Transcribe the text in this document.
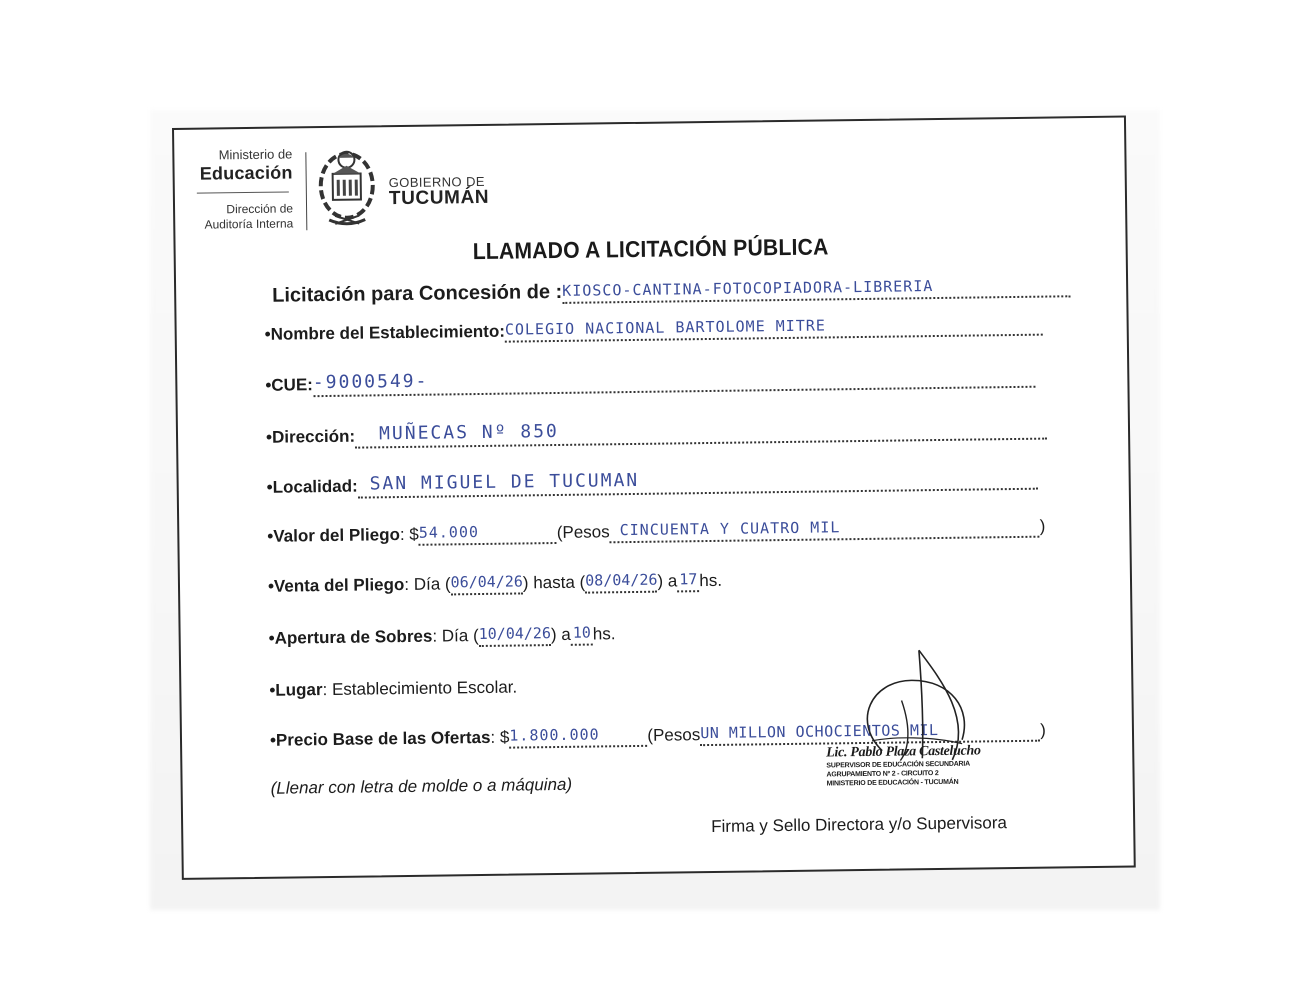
Ministerio de
Educación
Dirección de
Auditoría Interna
GOBIERNO DE
TUCUMÁN
LLAMADO A LICITACIÓN PÚBLICA
Licitación para Concesión de : KIOSCO-CANTINA-FOTOCOPIADORA-LIBRERIA
•Nombre del Establecimiento: COLEGIO NACIONAL BARTOLOME MITRE
•CUE: -9000549-
•Dirección: MUÑECAS Nº 850
•Localidad: SAN MIGUEL DE TUCUMAN
•Valor del Pliego : $ 54.000	(Pesos CINCUENTA Y CUATRO MIL	)
•Venta del Pliego : Día ( 06/04/26 ) hasta ( 08/04/26 ) a 17 hs.
•Apertura de Sobres : Día ( 10/04/26 ) a 10 hs.
•Lugar : Establecimiento Escolar.
•Precio Base de las Ofertas : $ 1.800.000	(Pesos UN MILLON OCHOCIENTOS MIL	)
(Llenar con letra de molde o a máquina)
Lic. Pablo Plaza Castelucho
SUPERVISOR DE EDUCACIÓN SECUNDARIA
AGRUPAMIENTO Nº 2 - CIRCUITO 2
MINISTERIO DE EDUCACIÓN - TUCUMÁN
Firma y Sello Directora y/o Supervisora
